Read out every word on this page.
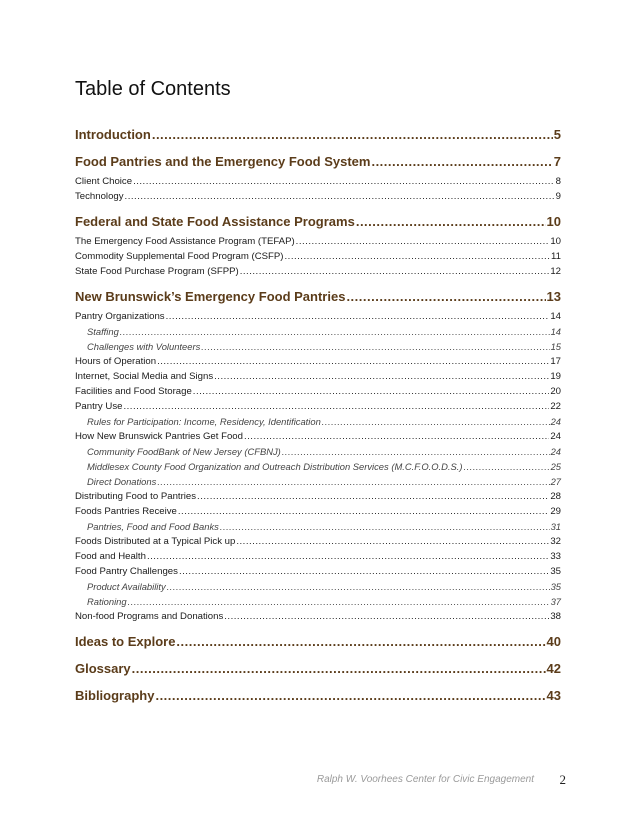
Table of Contents
Introduction .....	5
Food Pantries and the Emergency Food System .....	7
Client Choice .....	8
Technology .....	9
Federal and State Food Assistance Programs .....	10
The Emergency Food Assistance Program (TEFAP) .....	10
Commodity Supplemental Food Program (CSFP) .....	11
State Food Purchase Program (SFPP) .....	12
New Brunswick’s Emergency Food Pantries .....	13
Pantry Organizations .....	14
Staffing .....	14
Challenges with Volunteers .....	15
Hours of Operation .....	17
Internet, Social Media and Signs .....	19
Facilities and Food Storage .....	20
Pantry Use .....	22
Rules for Participation: Income, Residency, Identification .....	24
How New Brunswick Pantries Get Food .....	24
Community FoodBank of New Jersey (CFBNJ) .....	24
Middlesex County Food Organization and Outreach Distribution Services (M.C.F.O.O.D.S.) .....	25
Direct Donations .....	27
Distributing Food to Pantries .....	28
Foods Pantries Receive .....	29
Pantries, Food and Food Banks .....	31
Foods Distributed at a Typical Pick up .....	32
Food and Health .....	33
Food Pantry Challenges .....	35
Product Availability .....	35
Rationing .....	37
Non-food Programs and Donations .....	38
Ideas to Explore .....	40
Glossary .....	42
Bibliography .....	43
Ralph W. Voorhees Center for Civic Engagement 2
